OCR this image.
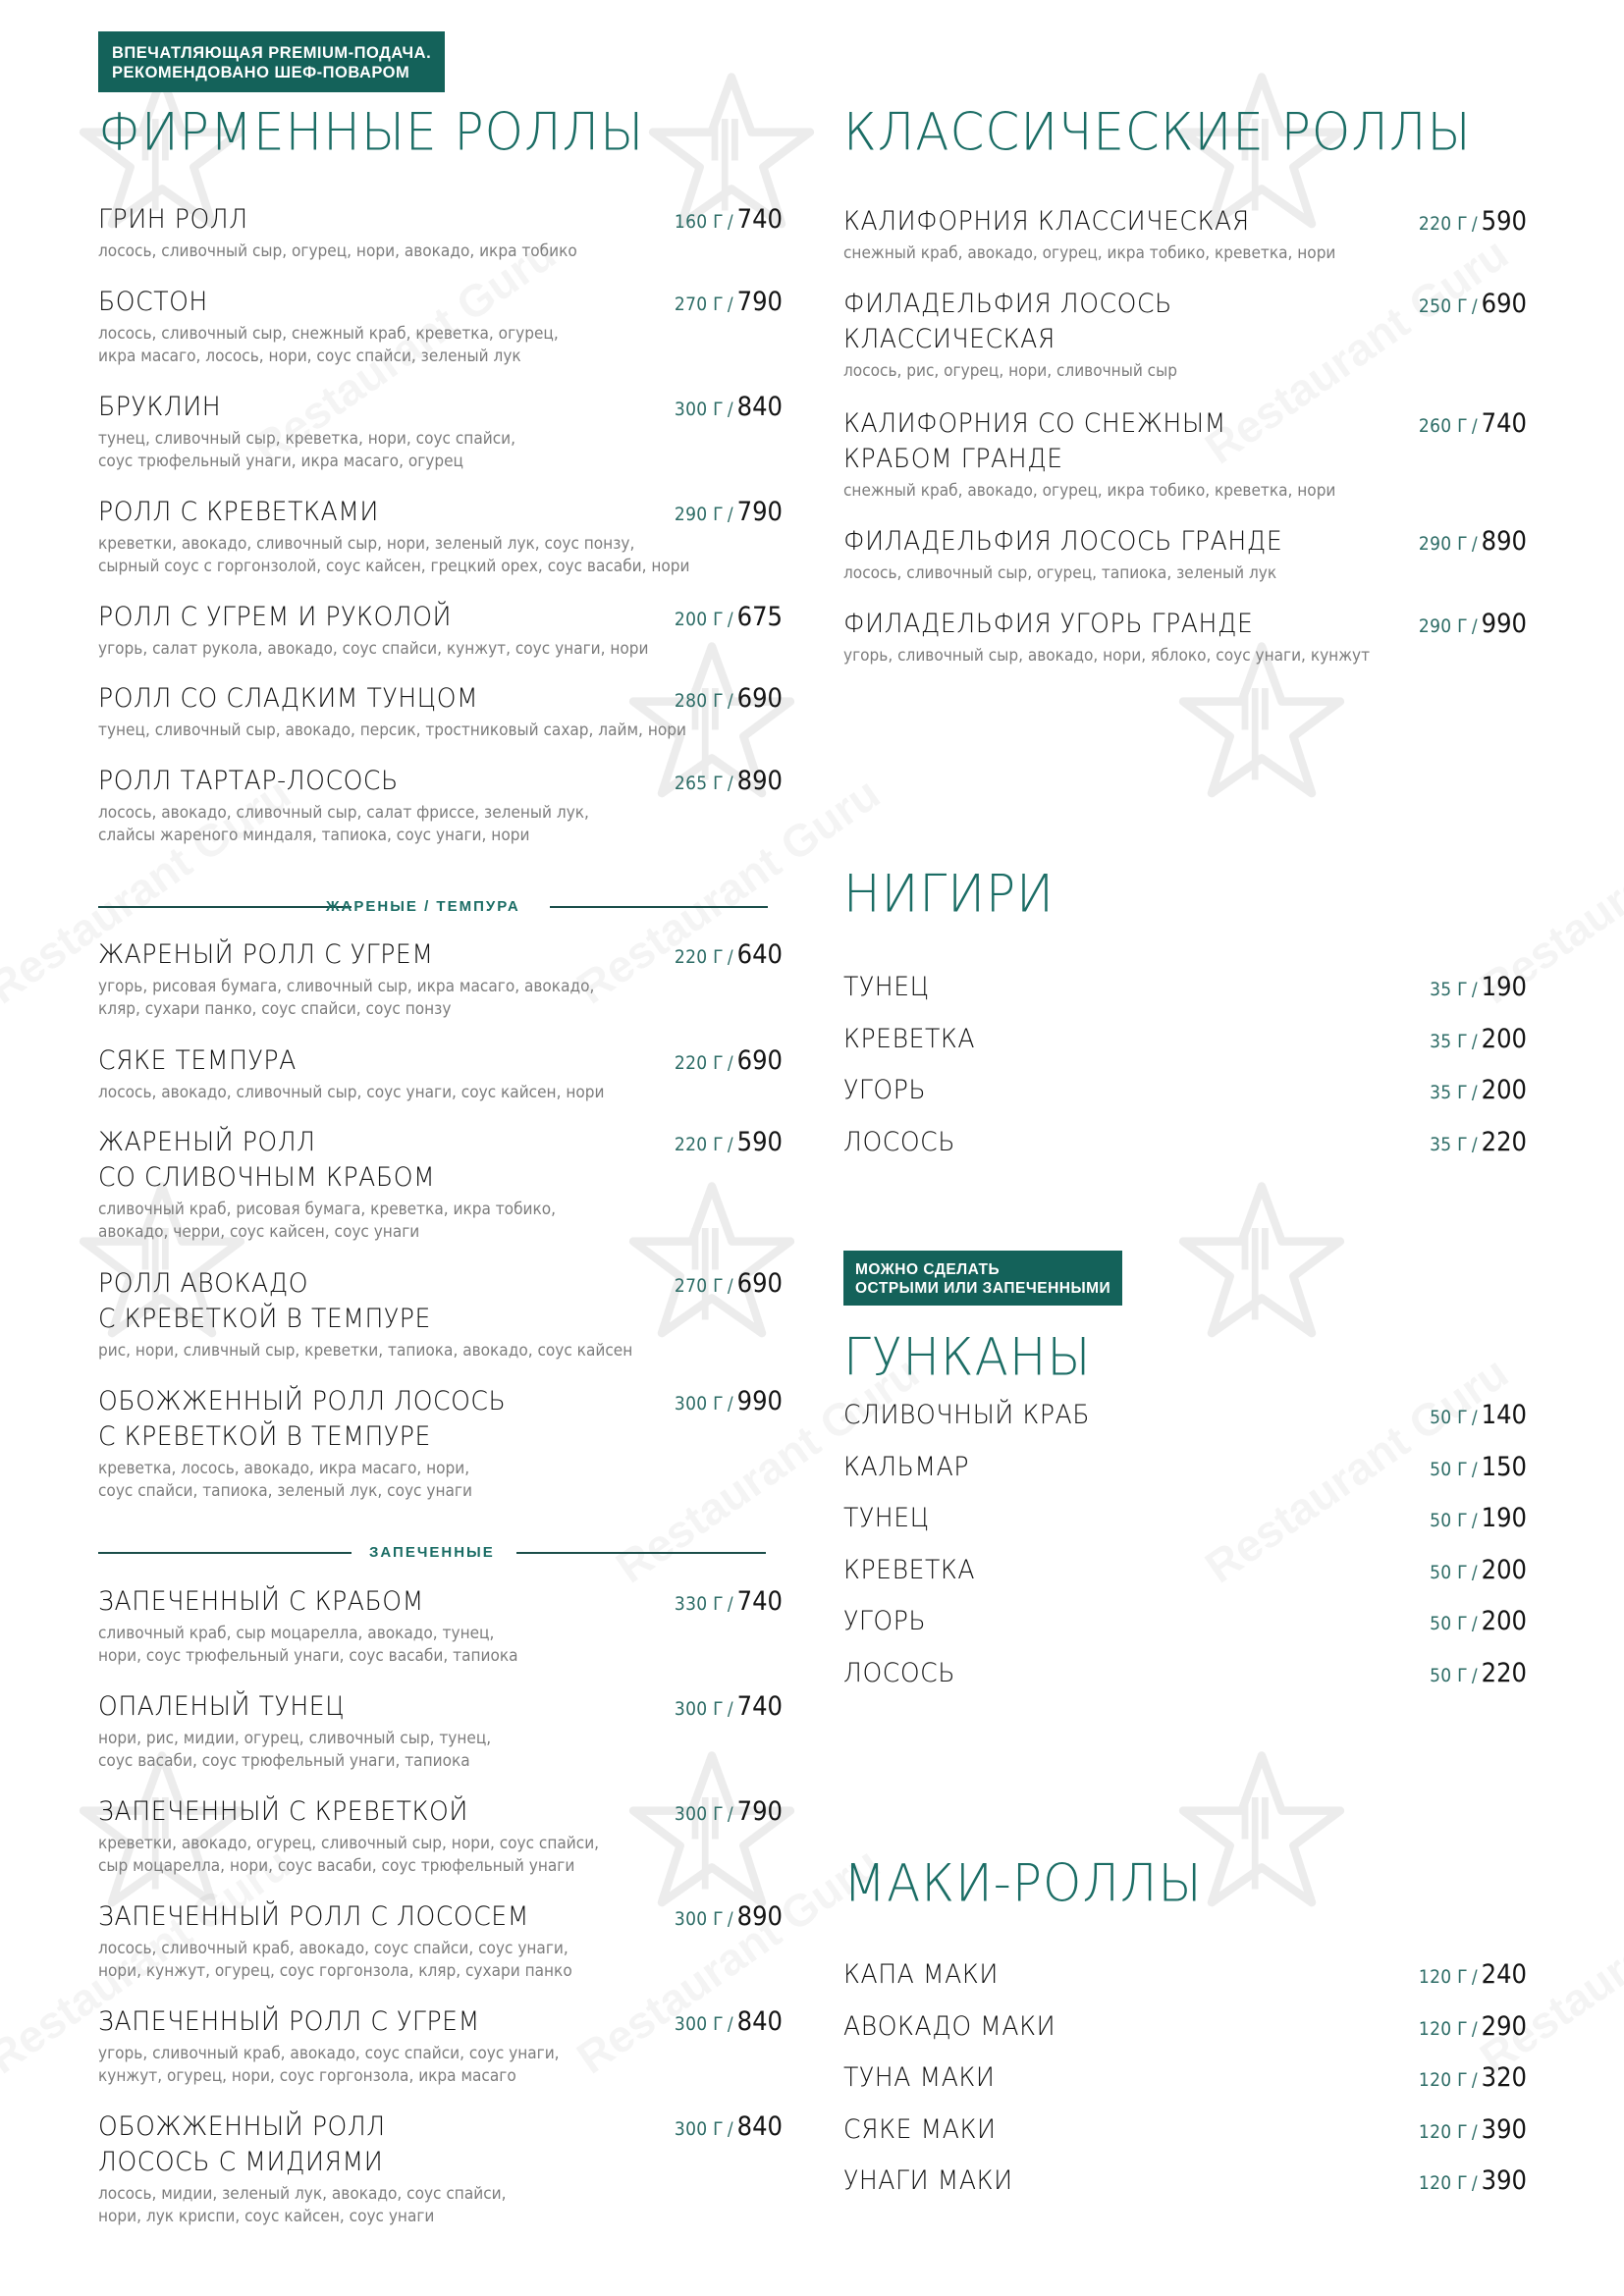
ВПЕЧАТЛЯЮЩАЯ PREMIUM-ПОДАЧА.
РЕКОМЕНДОВАНО ШЕФ-ПОВАРОМ
ФИРМЕННЫЕ РОЛЛЫ
ГРИН РОЛЛ	160 Г / 740
лосось, сливочный сыр, огурец, нори, авокадо, икра тобико
БОСТОН	270 Г / 790
лосось, сливочный сыр, снежный краб, креветка, огурец,
икра масаго, лосось, нори, соус спайси, зеленый лук
БРУКЛИН	300 Г / 840
тунец, сливочный сыр, креветка, нори, соус спайси,
соус трюфельный унаги, икра масаго, огурец
РОЛЛ С КРЕВЕТКАМИ	290 Г / 790
креветки, авокадо, сливочный сыр, нори, зеленый лук, соус понзу,
сырный соус с горгонзолой, соус кайсен, грецкий орех, соус васаби, нори
РОЛЛ С УГРЕМ И РУКОЛОЙ	200 Г / 675
угорь, салат рукола, авокадо, соус спайси, кунжут, соус унаги, нори
РОЛЛ СО СЛАДКИМ ТУНЦОМ	280 Г / 690
тунец, сливочный сыр, авокадо, персик, тростниковый сахар, лайм, нори
РОЛЛ ТАРТАР-ЛОСОСЬ	265 Г / 890
лосось, авокадо, сливочный сыр, салат фриссе, зеленый лук,
слайсы жареного миндаля, тапиока, соус унаги, нори
ЖАРЕНЫЕ / ТЕМПУРА
ЖАРЕНЫЙ РОЛЛ С УГРЕМ	220 Г / 640
угорь, рисовая бумага, сливочный сыр, икра масаго, авокадо,
кляр, сухари панко, соус спайси, соус понзу
СЯКЕ ТЕМПУРА	220 Г / 690
лосось, авокадо, сливочный сыр, соус унаги, соус кайсен, нори
ЖАРЕНЫЙ РОЛЛ
СО СЛИВОЧНЫМ КРАБОМ
220 Г / 590
сливочный краб, рисовая бумага, креветка, икра тобико,
авокадо, черри, соус кайсен, соус унаги
РОЛЛ АВОКАДО
С КРЕВЕТКОЙ В ТЕМПУРЕ
270 Г / 690
рис, нори, сливчный сыр, креветки, тапиока, авокадо, соус кайсен
ОБОЖЖЕННЫЙ РОЛЛ ЛОСОСЬ
С КРЕВЕТКОЙ В ТЕМПУРЕ
300 Г / 990
креветка, лосось, авокадо, икра масаго, нори,
соус спайси, тапиока, зеленый лук, соус унаги
ЗАПЕЧЕННЫЕ
ЗАПЕЧЕННЫЙ С КРАБОМ	330 Г / 740
сливочный краб, сыр моцарелла, авокадо, тунец,
нори, соус трюфельный унаги, соус васаби, тапиока
ОПАЛЕНЫЙ ТУНЕЦ	300 Г / 740
нори, рис, мидии, огурец, сливочный сыр, тунец,
соус васаби, соус трюфельный унаги, тапиока
ЗАПЕЧЕННЫЙ С КРЕВЕТКОЙ	300 Г / 790
креветки, авокадо, огурец, сливочный сыр, нори, соус спайси,
сыр моцарелла, нори, соус васаби, соус трюфельный унаги
ЗАПЕЧЕННЫЙ РОЛЛ С ЛОСОСЕМ	300 Г / 890
лосось, сливочный краб, авокадо, соус спайси, соус унаги,
нори, кунжут, огурец, соус горгонзола, кляр, сухари панко
ЗАПЕЧЕННЫЙ РОЛЛ С УГРЕМ	300 Г / 840
угорь, сливочный краб, авокадо, соус спайси, соус унаги,
кунжут, огурец, нори, соус горгонзола, икра масаго
ОБОЖЖЕННЫЙ РОЛЛ
ЛОСОСЬ С МИДИЯМИ
300 Г / 840
лосось, мидии, зеленый лук, авокадо, соус спайси,
нори, лук криспи, соус кайсен, соус унаги
КЛАССИЧЕСКИЕ РОЛЛЫ
НИГИРИ
МОЖНО СДЕЛАТЬ
ОСТРЫМИ ИЛИ ЗАПЕЧЕННЫМИ
ГУНКАНЫ
МАКИ-РОЛЛЫ
КАЛИФОРНИЯ КЛАССИЧЕСКАЯ	220 Г / 590
снежный краб, авокадо, огурец, икра тобико, креветка, нори
ФИЛАДЕЛЬФИЯ ЛОСОСЬ
КЛАССИЧЕСКАЯ
250 Г / 690
лосось, рис, огурец, нори, сливочный сыр
КАЛИФОРНИЯ СО СНЕЖНЫМ
КРАБОМ ГРАНДЕ
260 Г / 740
снежный краб, авокадо, огурец, икра тобико, креветка, нори
ФИЛАДЕЛЬФИЯ ЛОСОСЬ ГРАНДЕ	290 Г / 890
лосось, сливочный сыр, огурец, тапиока, зеленый лук
ФИЛАДЕЛЬФИЯ УГОРЬ ГРАНДЕ	290 Г / 990
угорь, сливочный сыр, авокадо, нори, яблоко, соус унаги, кунжут
ТУНЕЦ	35 Г / 190
КРЕВЕТКА	35 Г / 200
УГОРЬ	35 Г / 200
ЛОСОСЬ	35 Г / 220
СЛИВОЧНЫЙ КРАБ	50 Г / 140
КАЛЬМАР	50 Г / 150
ТУНЕЦ	50 Г / 190
КРЕВЕТКА	50 Г / 200
УГОРЬ	50 Г / 200
ЛОСОСЬ	50 Г / 220
КАПА МАКИ	120 Г / 240
АВОКАДО МАКИ	120 Г / 290
ТУНА МАКИ	120 Г / 320
СЯКЕ МАКИ	120 Г / 390
УНАГИ МАКИ	120 Г / 390
